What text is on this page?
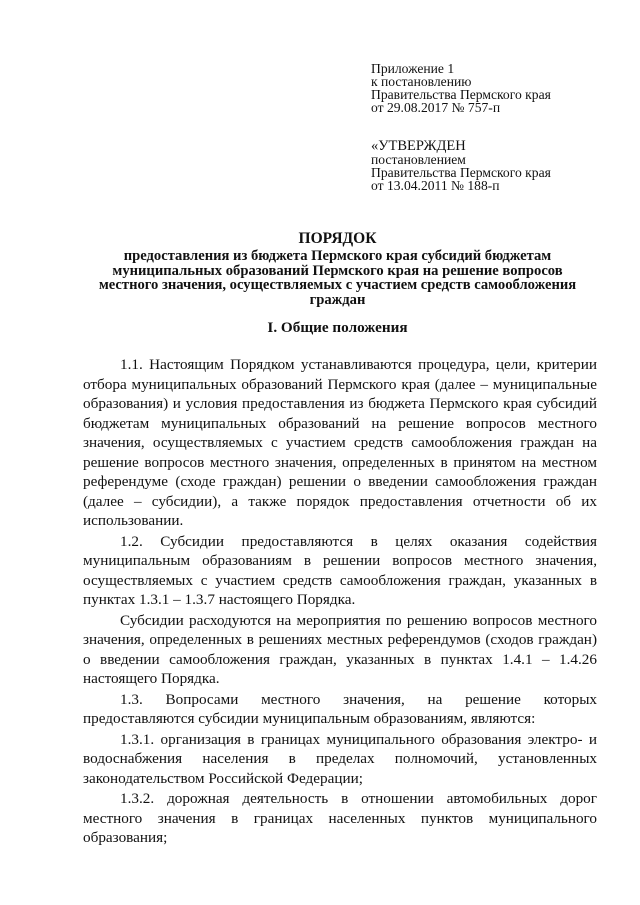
Приложение 1
к постановлению
Правительства Пермского края
от 29.08.2017 № 757-п
«УТВЕРЖДЕН
постановлением
Правительства Пермского края
от 13.04.2011 № 188-п
ПОРЯДОК
предоставления из бюджета Пермского края субсидий бюджетам муниципальных образований Пермского края на решение вопросов местного значения, осуществляемых с участием средств самообложения граждан
I. Общие положения

1.1. Настоящим Порядком устанавливаются процедура, цели, критерии отбора муниципальных образований Пермского края (далее – муниципальные образования) и условия предоставления из бюджета Пермского края субсидий бюджетам муниципальных образований на решение вопросов местного значения, осуществляемых с участием средств самообложения граждан на решение вопросов местного значения, определенных в принятом на местном референдуме (сходе граждан) решении о введении самообложения граждан (далее – субсидии), а также порядок предоставления отчетности об их использовании.

1.2. Субсидии предоставляются в целях оказания содействия муниципальным образованиям в решении вопросов местного значения, осуществляемых с участием средств самообложения граждан, указанных в пунктах 1.3.1 – 1.3.7 настоящего Порядка.

Субсидии расходуются на мероприятия по решению вопросов местного значения, определенных в решениях местных референдумов (сходов граждан) о введении самообложения граждан, указанных в пунктах 1.4.1 – 1.4.26 настоящего Порядка.

1.3. Вопросами местного значения, на решение которых предоставляются субсидии муниципальным образованиям, являются:

1.3.1. организация в границах муниципального образования электро- и водоснабжения населения в пределах полномочий, установленных законодательством Российской Федерации;

1.3.2. дорожная деятельность в отношении автомобильных дорог местного значения в границах населенных пунктов муниципального образования;
